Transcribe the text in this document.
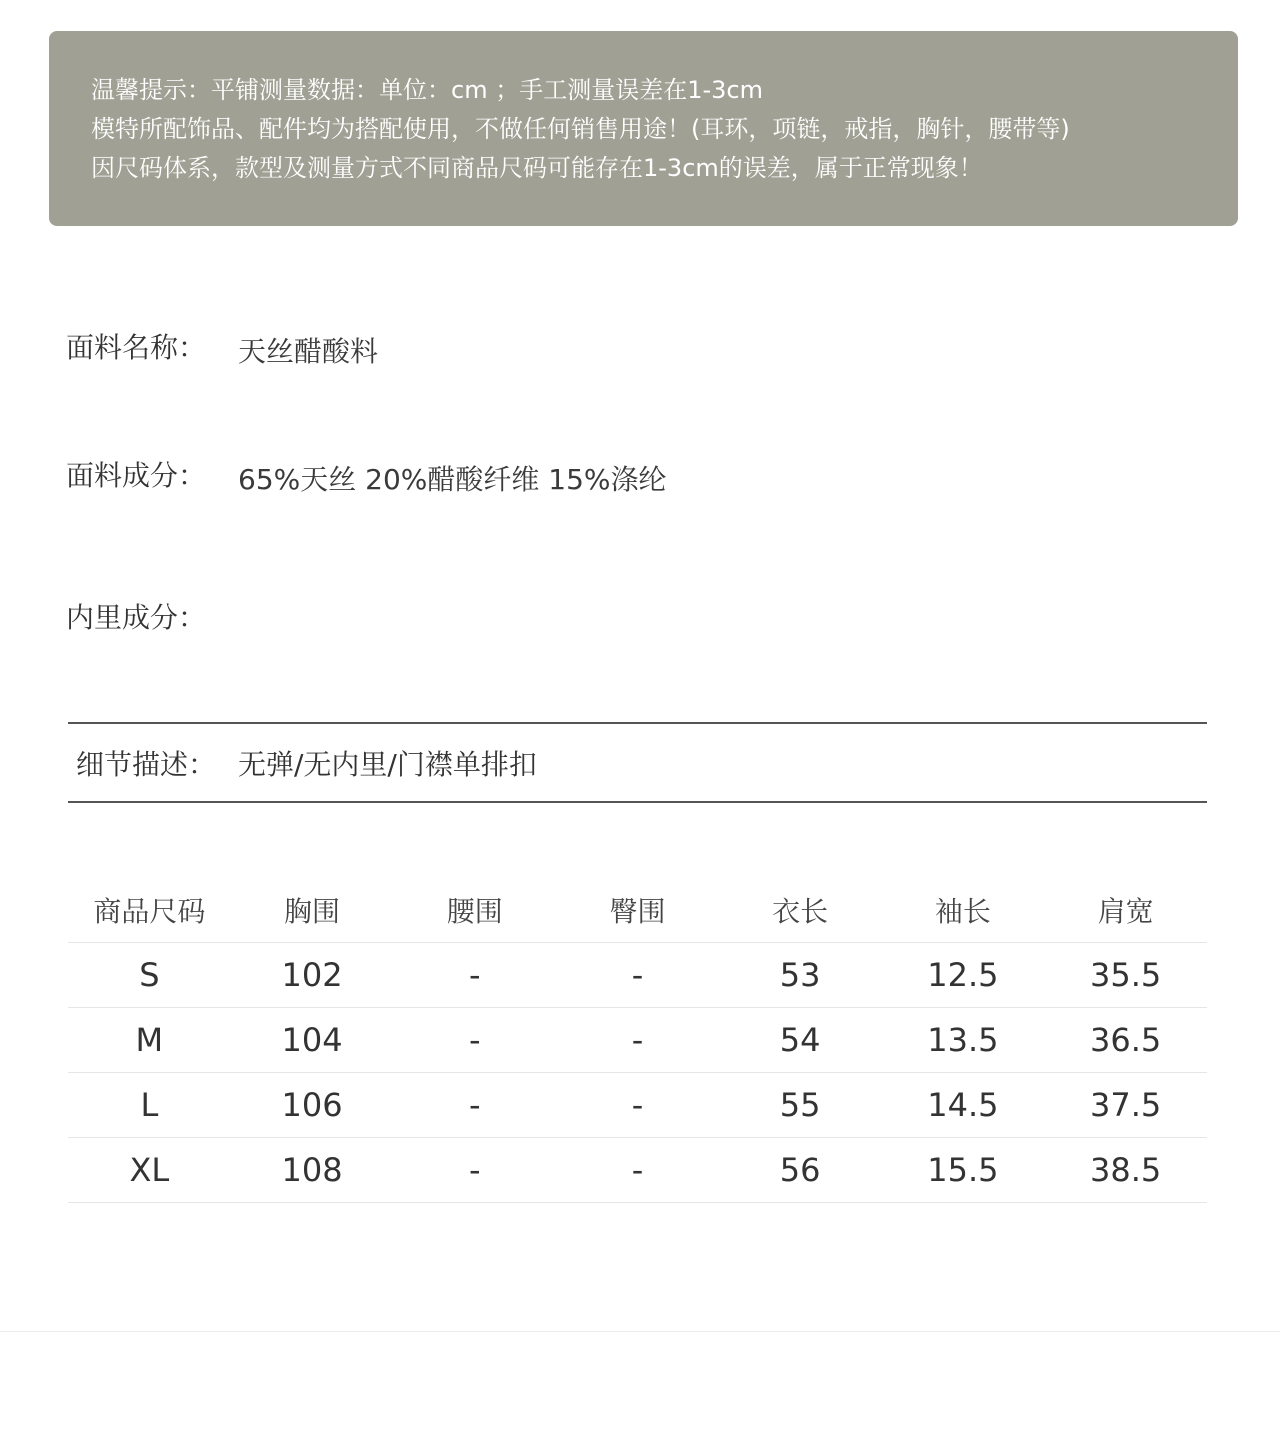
温馨提示：平铺测量数据：单位：cm ；手工测量误差在1-3cm
模特所配饰品、配件均为搭配使用，不做任何销售用途！(耳环，项链，戒指，胸针，腰带等)
因尺码体系，款型及测量方式不同商品尺码可能存在1-3cm的误差，属于正常现象！
面料名称： 天丝醋酸料
面料成分： 65%天丝 20%醋酸纤维 15%涤纶
内里成分：
细节描述： 无弹/无内里/门襟单排扣
商品尺码	胸围	腰围	臀围	衣长	袖长	肩宽
S	102	-	-	53	12.5	35.5
M	104	-	-	54	13.5	36.5
L	106	-	-	55	14.5	37.5
XL	108	-	-	56	15.5	38.5
